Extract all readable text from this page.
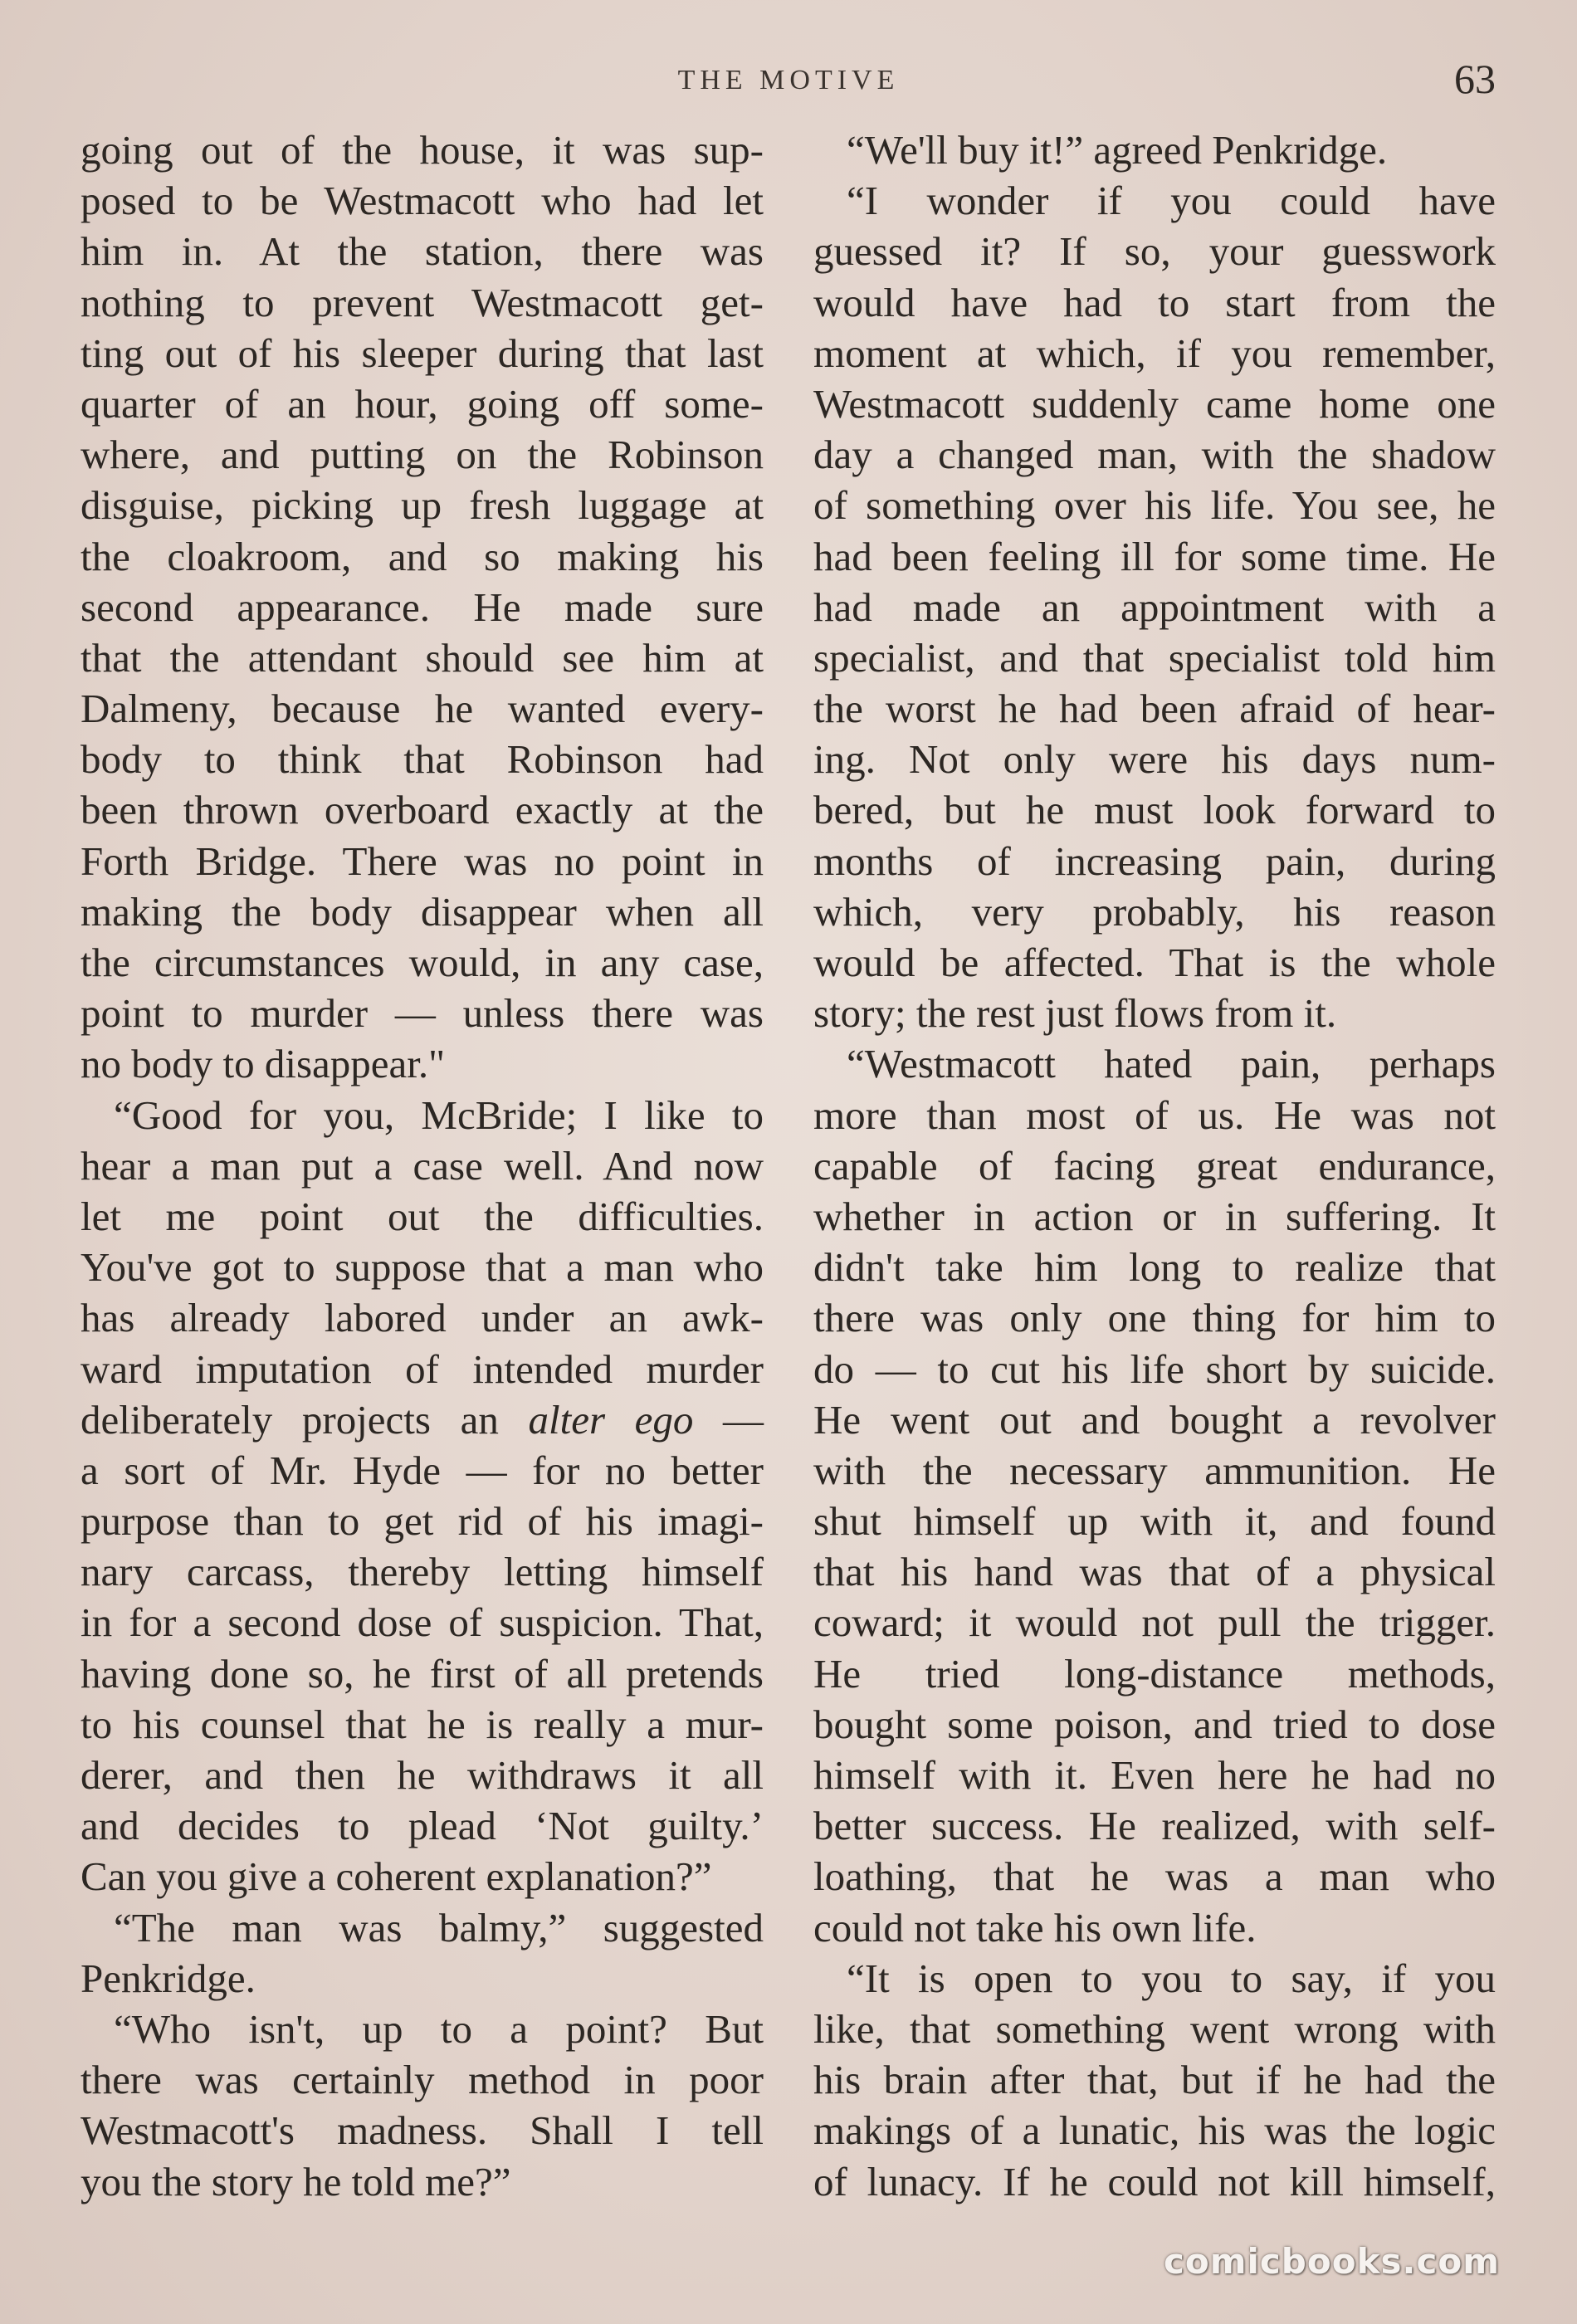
THE MOTIVE	63
going out of the house, it was sup-
posed to be Westmacott who had let
him in. At the station, there was
nothing to prevent Westmacott get-
ting out of his sleeper during that last
quarter of an hour, going off some-
where, and putting on the Robinson
disguise, picking up fresh luggage at
the cloakroom, and so making his
second appearance. He made sure
that the attendant should see him at
Dalmeny, because he wanted every-
body to think that Robinson had
been thrown overboard exactly at the
Forth Bridge. There was no point in
making the body disappear when all
the circumstances would, in any case,
point to murder — unless there was
no body to disappear."
“Good for you, McBride; I like to
hear a man put a case well. And now
let me point out the difficulties.
You've got to suppose that a man who
has already labored under an awk-
ward imputation of intended murder
deliberately projects an alter ego —
a sort of Mr. Hyde — for no better
purpose than to get rid of his imagi-
nary carcass, thereby letting himself
in for a second dose of suspicion. That,
having done so, he first of all pretends
to his counsel that he is really a mur-
derer, and then he withdraws it all
and decides to plead ‘Not guilty.’
Can you give a coherent explanation?”
“The man was balmy,” suggested
Penkridge.
“Who isn't, up to a point? But
there was certainly method in poor
Westmacott's madness. Shall I tell
you the story he told me?”
“We'll buy it!” agreed Penkridge.
“I wonder if you could have
guessed it? If so, your guesswork
would have had to start from the
moment at which, if you remember,
Westmacott suddenly came home one
day a changed man, with the shadow
of something over his life. You see, he
had been feeling ill for some time. He
had made an appointment with a
specialist, and that specialist told him
the worst he had been afraid of hear-
ing. Not only were his days num-
bered, but he must look forward to
months of increasing pain, during
which, very probably, his reason
would be affected. That is the whole
story; the rest just flows from it.
“Westmacott hated pain, perhaps
more than most of us. He was not
capable of facing great endurance,
whether in action or in suffering. It
didn't take him long to realize that
there was only one thing for him to
do — to cut his life short by suicide.
He went out and bought a revolver
with the necessary ammunition. He
shut himself up with it, and found
that his hand was that of a physical
coward; it would not pull the trigger.
He tried long-distance methods,
bought some poison, and tried to dose
himself with it. Even here he had no
better success. He realized, with self-
loathing, that he was a man who
could not take his own life.
“It is open to you to say, if you
like, that something went wrong with
his brain after that, but if he had the
makings of a lunatic, his was the logic
of lunacy. If he could not kill himself,
comicbooks.com
